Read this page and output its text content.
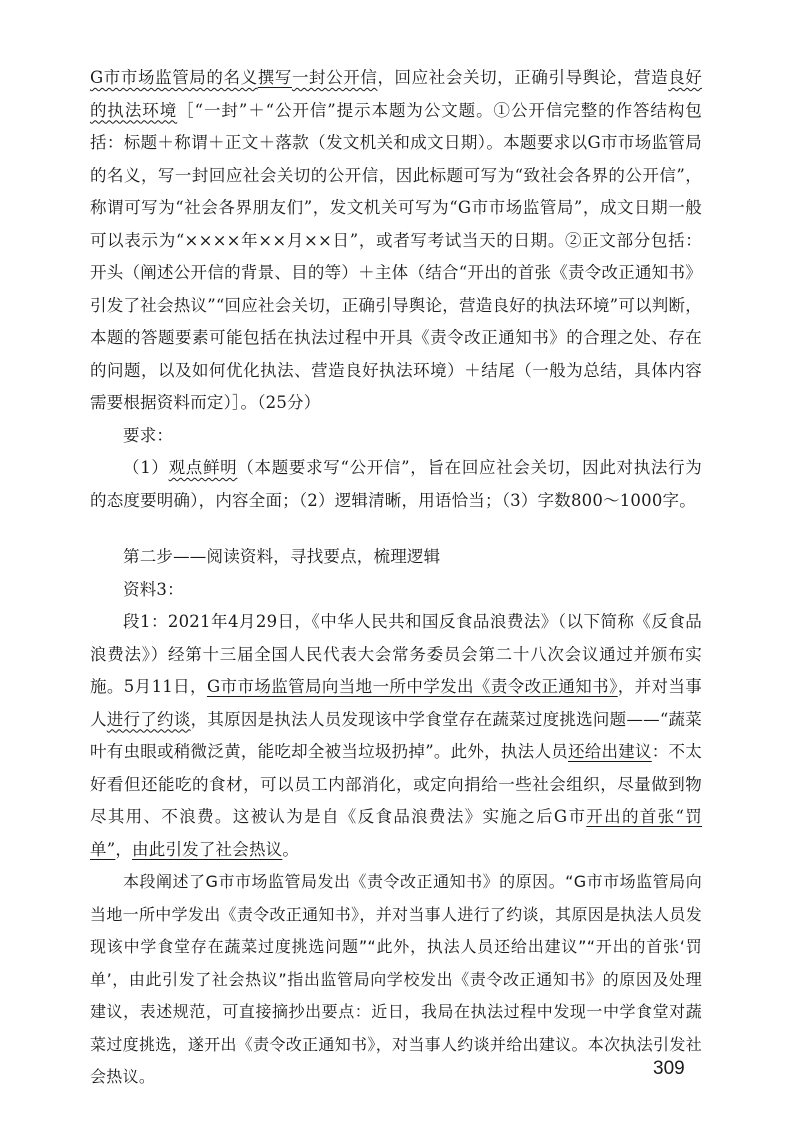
G市市场监管局的名义撰写一封公开信，回应社会关切，正确引导舆论，营造良好的执法环境［“一封”＋“公开信”提示本题为公文题。①公开信完整的作答结构包括：标题＋称谓＋正文＋落款（发文机关和成文日期）。本题要求以G市市场监管局的名义，写一封回应社会关切的公开信，因此标题可写为“致社会各界的公开信”，称谓可写为“社会各界朋友们”，发文机关可写为“G市市场监管局”，成文日期一般可以表示为“××××年××月××日”，或者写考试当天的日期。②正文部分包括：开头（阐述公开信的背景、目的等）＋主体（结合“开出的首张《责令改正通知书》引发了社会热议”“回应社会关切，正确引导舆论，营造良好的执法环境”可以判断，本题的答题要素可能包括在执法过程中开具《责令改正通知书》的合理之处、存在的问题，以及如何优化执法、营造良好执法环境）＋结尾（一般为总结，具体内容需要根据资料而定）］。（25分）

要求：

（1）观点鲜明（本题要求写“公开信”，旨在回应社会关切，因此对执法行为的态度要明确），内容全面；（2）逻辑清晰，用语恰当；（3）字数800～1000字。

第二步——阅读资料，寻找要点，梳理逻辑

资料3：

段1：2021年4月29日，《中华人民共和国反食品浪费法》（以下简称《反食品浪费法》）经第十三届全国人民代表大会常务委员会第二十八次会议通过并颁布实施。5月11日，G市市场监管局向当地一所中学发出《责令改正通知书》，并对当事人进行了约谈，其原因是执法人员发现该中学食堂存在蔬菜过度挑选问题——“蔬菜叶有虫眼或稍微泛黄，能吃却全被当垃圾扔掉”。此外，执法人员还给出建议：不太好看但还能吃的食材，可以员工内部消化，或定向捐给一些社会组织，尽量做到物尽其用、不浪费。这被认为是自《反食品浪费法》实施之后G市开出的首张“罚单”，由此引发了社会热议。

本段阐述了G市市场监管局发出《责令改正通知书》的原因。“G市市场监管局向当地一所中学发出《责令改正通知书》，并对当事人进行了约谈，其原因是执法人员发现该中学食堂存在蔬菜过度挑选问题”“此外，执法人员还给出建议”“开出的首张‘罚单’，由此引发了社会热议”指出监管局向学校发出《责令改正通知书》的原因及处理建议，表述规范，可直接摘抄出要点：近日，我局在执法过程中发现一中学食堂对蔬菜过度挑选，遂开出《责令改正通知书》，对当事人约谈并给出建议。本次执法引发社会热议。	309
